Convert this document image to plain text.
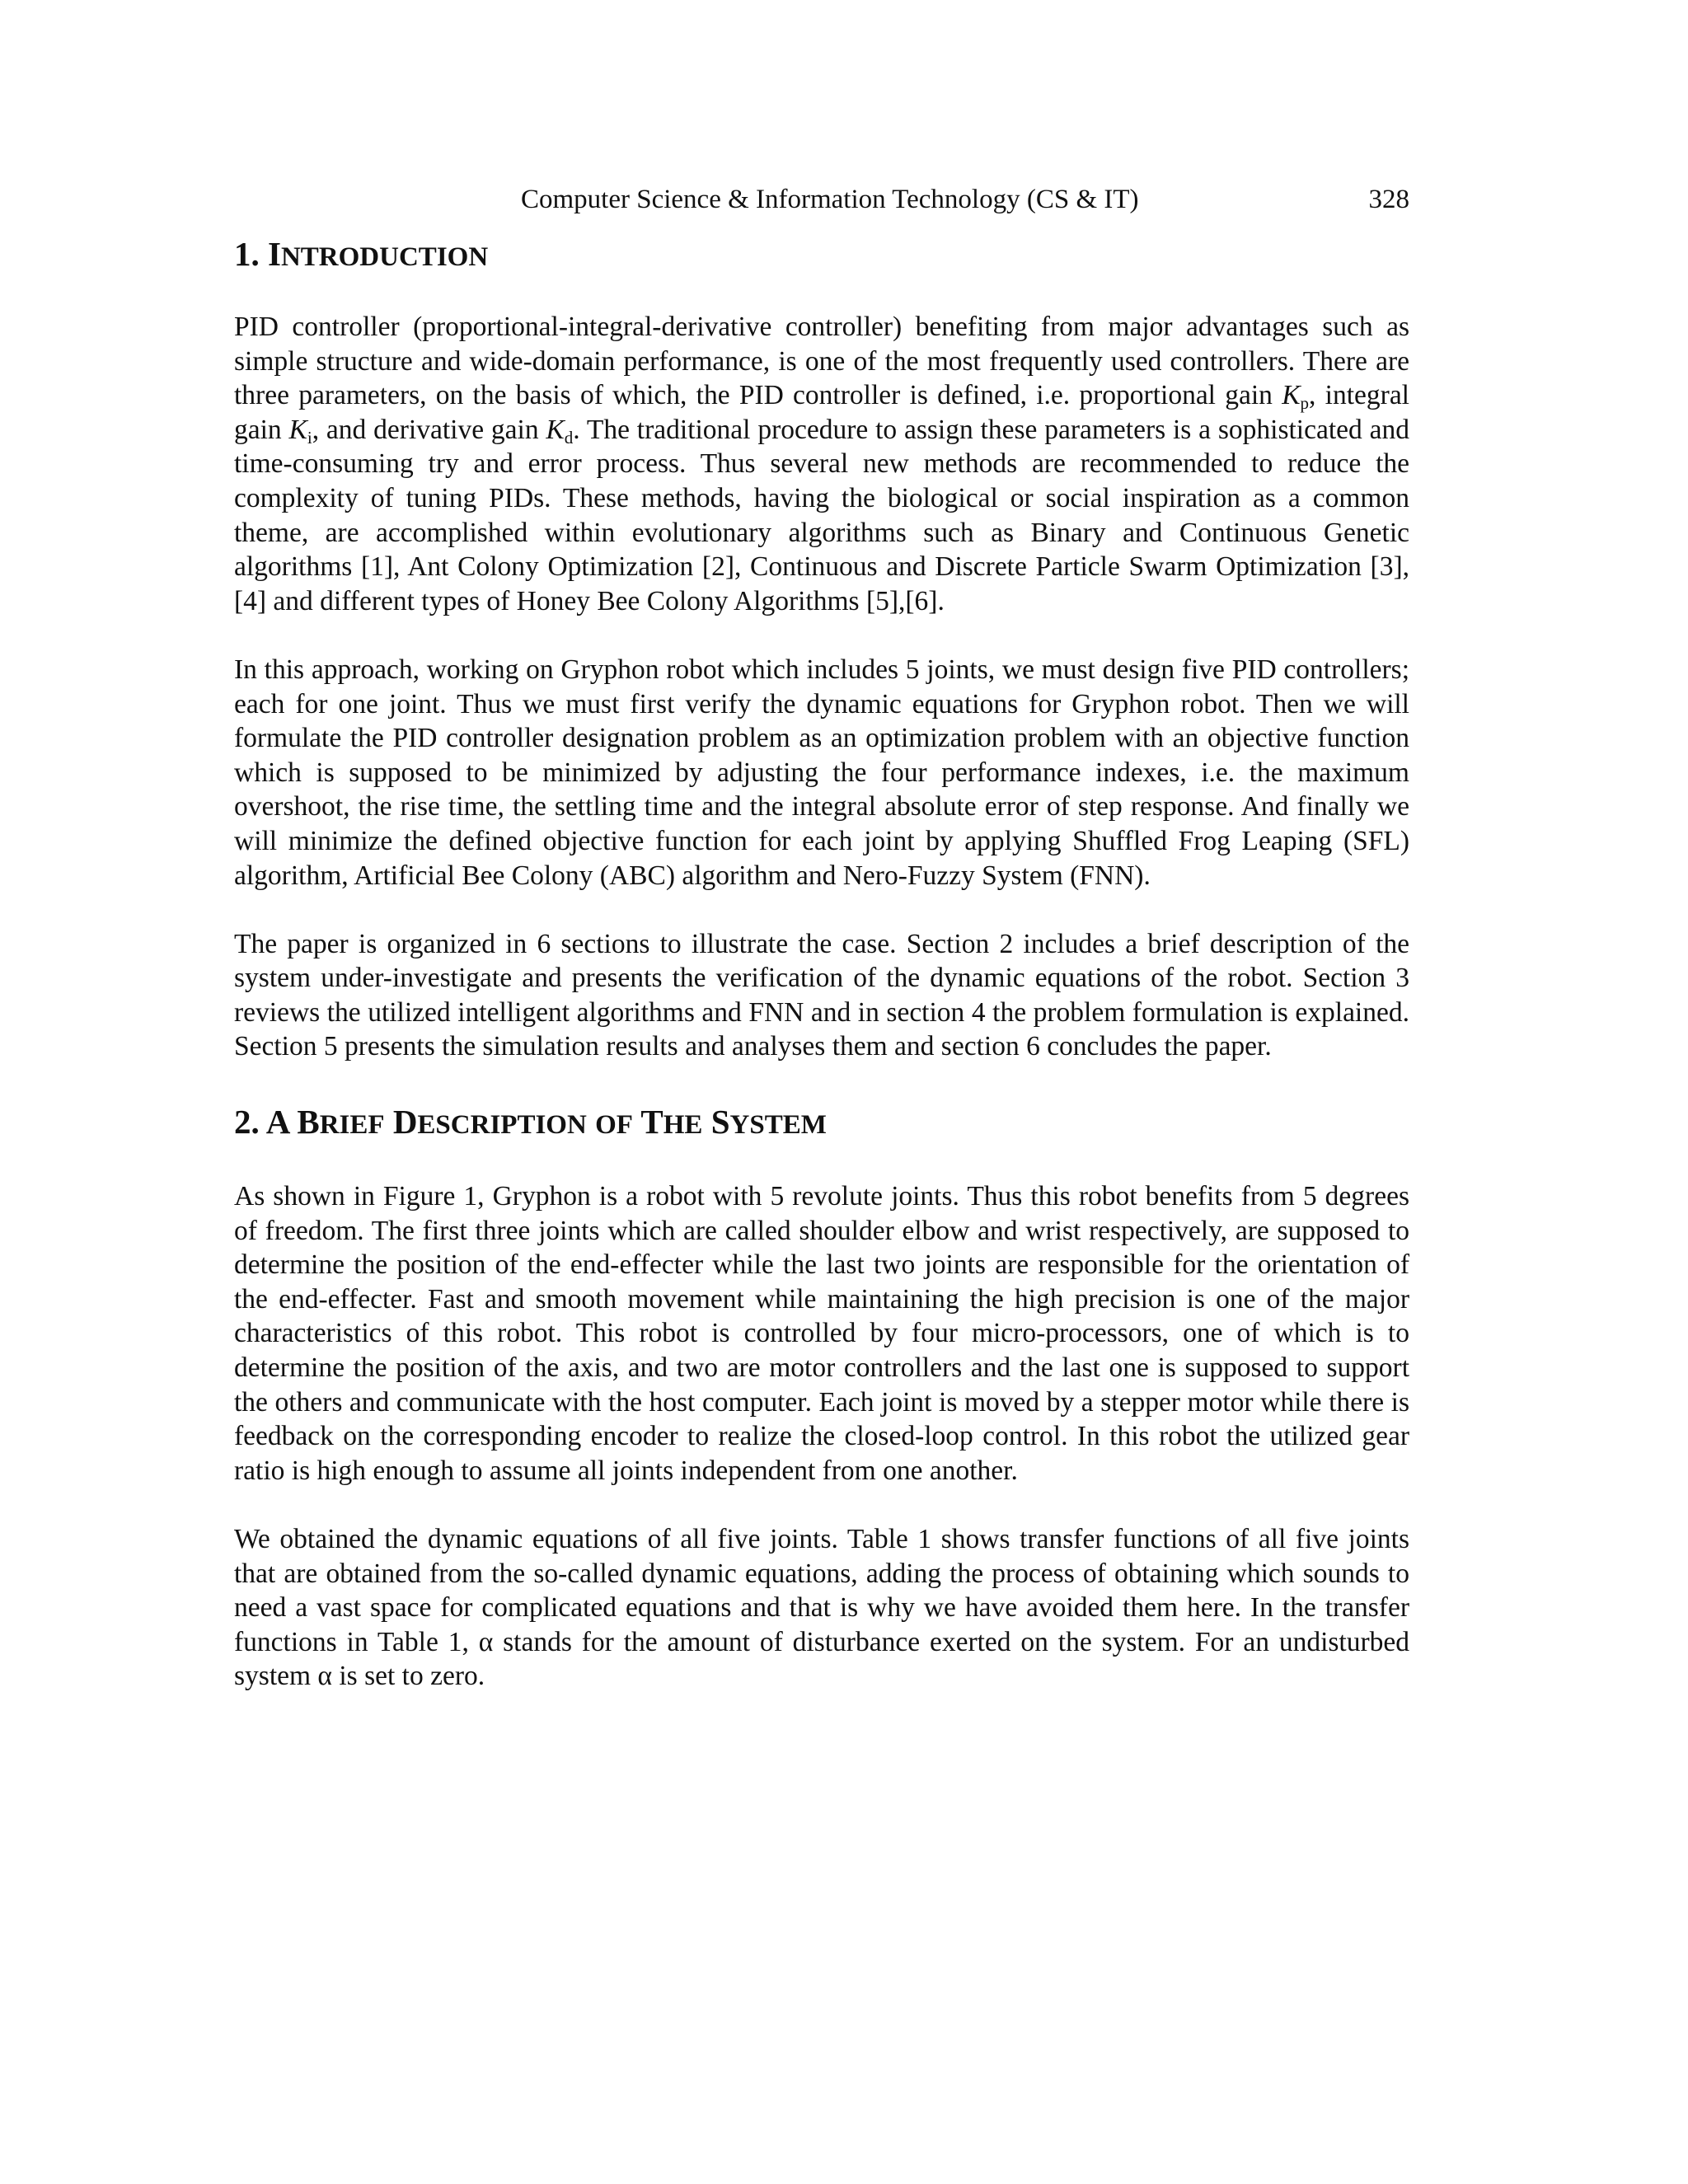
Computer Science & Information Technology (CS & IT)	328
1. INTRODUCTION

PID controller (proportional-integral-derivative controller) benefiting from major advantages such as simple structure and wide-domain performance, is one of the most frequently used controllers. There are three parameters, on the basis of which, the PID controller is defined, i.e. proportional gain $K_p$, integral gain $K_i$, and derivative gain $K_d$. The traditional procedure to assign these parameters is a sophisticated and time-consuming try and error process. Thus several new methods are recommended to reduce the complexity of tuning PIDs. These methods, having the biological or social inspiration as a common theme, are accomplished within evolutionary algorithms such as Binary and Continuous Genetic algorithms [1], Ant Colony Optimization [2], Continuous and Discrete Particle Swarm Optimization [3],[4] and different types of Honey Bee Colony Algorithms [5],[6].

In this approach, working on Gryphon robot which includes 5 joints, we must design five PID controllers; each for one joint. Thus we must first verify the dynamic equations for Gryphon robot. Then we will formulate the PID controller designation problem as an optimization problem with an objective function which is supposed to be minimized by adjusting the four performance indexes, i.e. the maximum overshoot, the rise time, the settling time and the integral absolute error of step response. And finally we will minimize the defined objective function for each joint by applying Shuffled Frog Leaping (SFL) algorithm, Artificial Bee Colony (ABC) algorithm and Nero-Fuzzy System (FNN).

The paper is organized in 6 sections to illustrate the case. Section 2 includes a brief description of the system under-investigate and presents the verification of the dynamic equations of the robot. Section 3 reviews the utilized intelligent algorithms and FNN and in section 4 the problem formulation is explained. Section 5 presents the simulation results and analyses them and section 6 concludes the paper.

2. A BRIEF DESCRIPTION OF THE SYSTEM

As shown in Figure 1, Gryphon is a robot with 5 revolute joints. Thus this robot benefits from 5 degrees of freedom. The first three joints which are called shoulder elbow and wrist respectively, are supposed to determine the position of the end-effecter while the last two joints are responsible for the orientation of the end-effecter. Fast and smooth movement while maintaining the high precision is one of the major characteristics of this robot. This robot is controlled by four micro-processors, one of which is to determine the position of the axis, and two are motor controllers and the last one is supposed to support the others and communicate with the host computer. Each joint is moved by a stepper motor while there is feedback on the corresponding encoder to realize the closed-loop control. In this robot the utilized gear ratio is high enough to assume all joints independent from one another.

We obtained the dynamic equations of all five joints. Table 1 shows transfer functions of all five joints that are obtained from the so-called dynamic equations, adding the process of obtaining which sounds to need a vast space for complicated equations and that is why we have avoided them here. In the transfer functions in Table 1, α stands for the amount of disturbance exerted on the system. For an undisturbed system α is set to zero.
